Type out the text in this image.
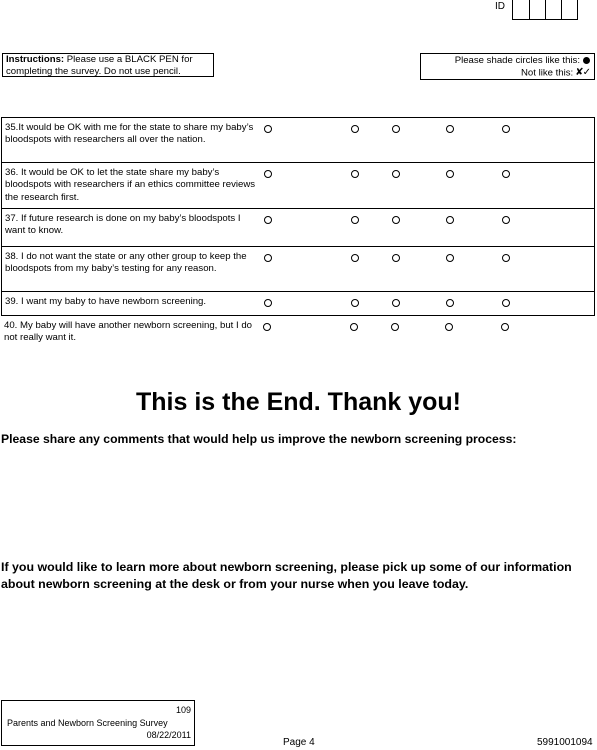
ID
Instructions: Please use a BLACK PEN for completing the survey. Do not use pencil.
Please shade circles like this:
Not like this: ✘✓
35.It would be OK with me for the state to share my baby’s bloodspots with researchers all over the nation.
36. It would be OK to let the state share my baby’s bloodspots with researchers if an ethics committee reviews the research first.
37. If future research is done on my baby’s bloodspots I want to know.
38. I do not want the state or any other group to keep the bloodspots from my baby’s testing for any reason.
39. I want my baby to have newborn screening.
40. My baby will have another newborn screening, but I do not really want it.
This is the End. Thank you!
Please share any comments that would help us improve the newborn screening process:
If you would like to learn more about newborn screening, please pick up some of our information about newborn screening at the desk or from your nurse when you leave today.
109
Parents and Newborn Screening Survey
08/22/2011
Page 4	5991001094
